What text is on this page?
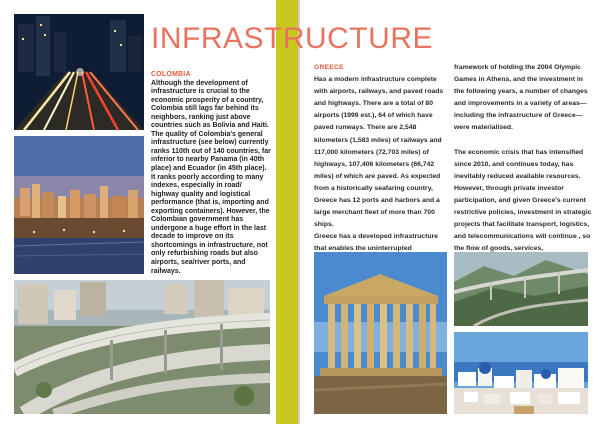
INFRASTRUCTURE

COLOMBIA

Although the development of infrastructure is crucial to the economic prosperity of a country, Colombia still lags far behind its neighbors, ranking just above countries such as Bolivia and Haiti. The quality of Colombia's general infrastructure (see below) currently ranks 110th out of 140 countries, far inferior to nearby Panama (in 40th place) and Ecuador (in 45th place). It ranks poorly according to many indexes, especially in road/ highway quality and logistical performance (that is, importing and exporting containers). However, the Colombian government has undergone a huge effort in the last decade to improve on its shortcomings in infrastructure, not only refurbishing roads but also airports, sea/river ports, and railways.

GREECE

Has a modern infrastructure complete with airports, railways, and paved roads and highways. There are a total of 80 airports (1999 est.), 64 of which have paved runways. There are 2,548 kilometers (1,583 miles) of railways and 117,000 kilometers (72,703 miles) of highways, 107,406 kilometers (66,742 miles) of which are paved. As expected from a historically seafaring country, Greece has 12 ports and harbors and a large merchant fleet of more than 700 ships.

Greece has a developed infrastructure that enables the uninterrupted

framework of holding the 2004 Olympic Games in Athens, and the investment in the following years, a number of changes and improvements in a variety of areas—including the infrastructure of Greece—were materialised.

The economic crisis that has intensified since 2010, and continues today, has inevitably reduced available resources. However, through private investor participation, and given Greece's current restrictive policies, investment in strategic projects that facilitate transport, logistics, and telecommunications will continue , so the flow of goods, services,
